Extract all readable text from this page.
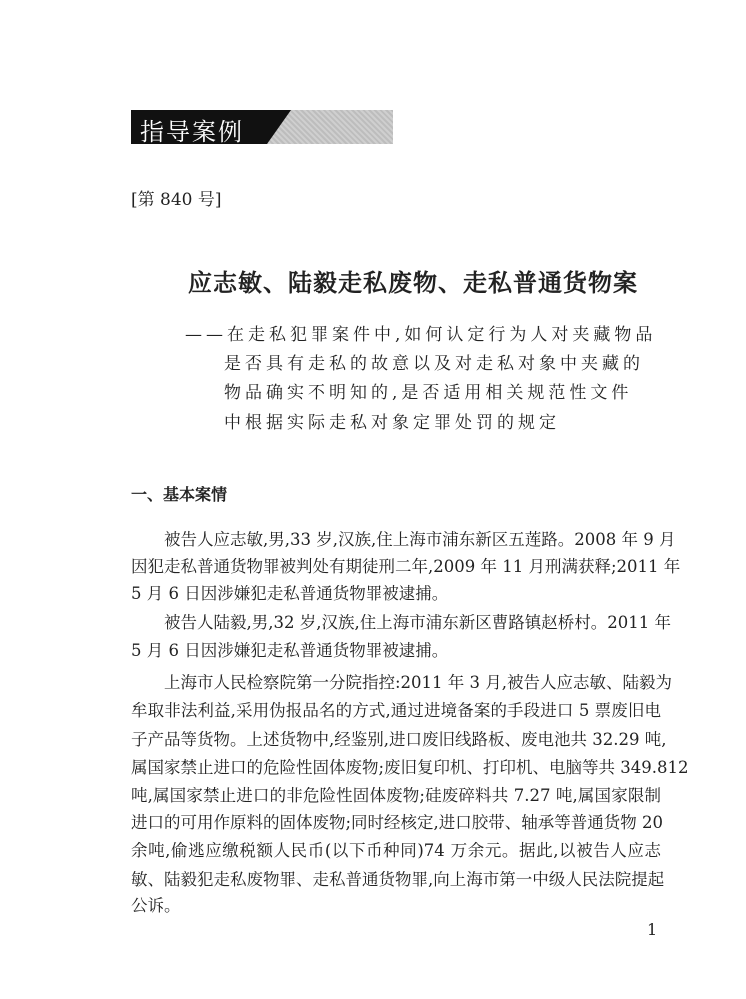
指导案例
[第 840 号]
应志敏、陆毅走私废物、走私普通货物案
——在走私犯罪案件中,如何认定行为人对夹藏物品
是否具有走私的故意以及对走私对象中夹藏的
物品确实不明知的,是否适用相关规范性文件
中根据实际走私对象定罪处罚的规定
一、基本案情
被告人应志敏,男,33 岁,汉族,住上海市浦东新区五莲路。2008 年 9 月
因犯走私普通货物罪被判处有期徒刑二年,2009 年 11 月刑满获释;2011 年
5 月 6 日因涉嫌犯走私普通货物罪被逮捕。
被告人陆毅,男,32 岁,汉族,住上海市浦东新区曹路镇赵桥村。2011 年
5 月 6 日因涉嫌犯走私普通货物罪被逮捕。
上海市人民检察院第一分院指控:2011 年 3 月,被告人应志敏、陆毅为
牟取非法利益,采用伪报品名的方式,通过进境备案的手段进口 5 票废旧电
子产品等货物。上述货物中,经鉴别,进口废旧线路板、废电池共 32.29 吨,
属国家禁止进口的危险性固体废物;废旧复印机、打印机、电脑等共 349.812
吨,属国家禁止进口的非危险性固体废物;硅废碎料共 7.27 吨,属国家限制
进口的可用作原料的固体废物;同时经核定,进口胶带、轴承等普通货物 20
余吨,偷逃应缴税额人民币(以下币种同)74 万余元。据此,以被告人应志
敏、陆毅犯走私废物罪、走私普通货物罪,向上海市第一中级人民法院提起
公诉。
1
